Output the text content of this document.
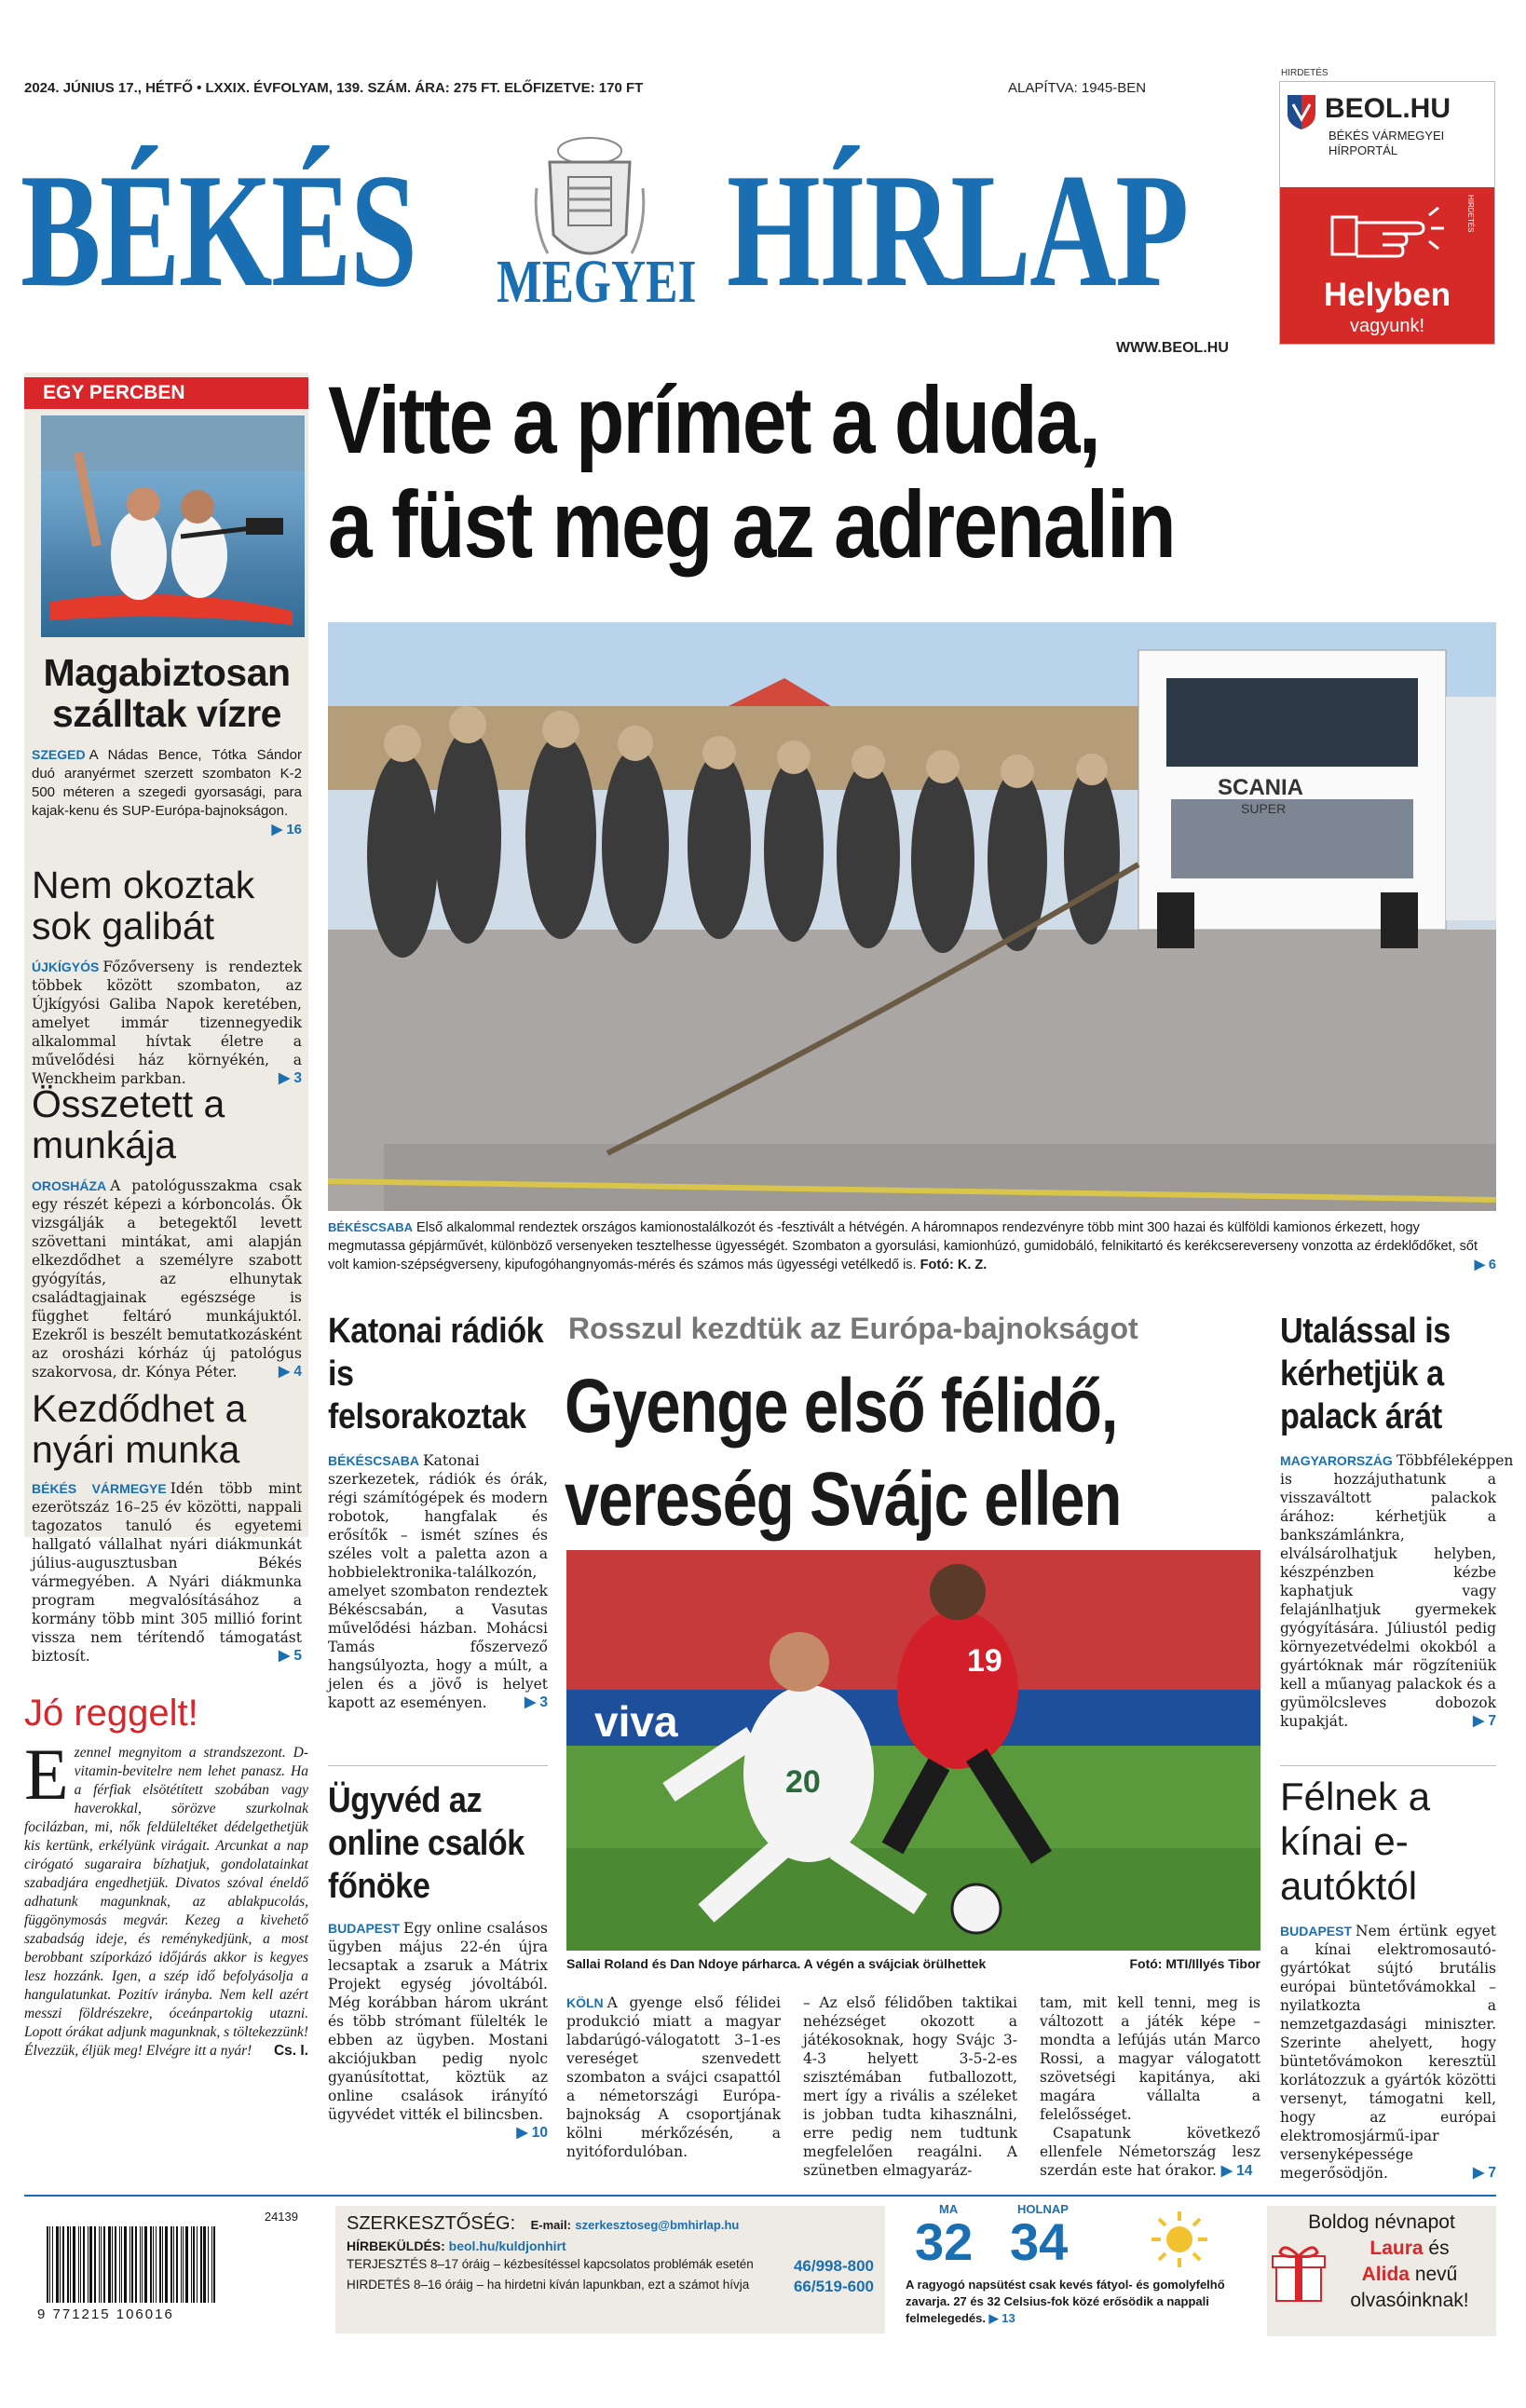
2024. JÚNIUS 17., HÉTFŐ • LXXIX. ÉVFOLYAM, 139. SZÁM. ÁRA: 275 FT. ELŐFIZETVE: 170 FT	ALAPÍTVA: 1945-BEN
BÉKÉS MEGYEI HÍRLAP
WWW.BEOL.HU
HIRDETÉS
BEOL.HU
BÉKÉS VÁRMEGYEI
HÍRPORTÁL
Helyben
vagyunk!
HIRDETÉS
EGY PERCBEN
Magabiztosan szálltak vízre
SZEGED A Nádas Bence, Tótka Sándor duó aranyérmet szerzett szombaton K-2 500 méteren a szegedi gyorsasági, para kajak-kenu és SUP-Európa-bajnokságon.
▶ 16
Nem okoztak sok galibát
ÚJKÍGYÓS Főzőverseny is rendeztek többek között szombaton, az Újkígyósi Galiba Napok keretében, amelyet immár tizennegyedik alkalommal hívtak életre a művelődési ház környékén, a Wenckheim parkban.	▶ 3
Összetett a munkája
OROSHÁZA A patológusszakma csak egy részét képezi a kórboncolás. Ők vizsgálják a betegektől levett szövettani mintákat, ami alapján elkezdődhet a személyre szabott gyógyítás, az elhunytak családtagjainak egészsége is függhet feltáró munkájuktól. Ezekről is beszélt bemutatkozásként az orosházi kórház új patológus szakorvosa, dr. Kónya Péter.	▶ 4
Kezdődhet a nyári munka
BÉKÉS VÁRMEGYE Idén több mint ezerötszáz 16–25 év közötti, nappali tagozatos tanuló és egyetemi hallgató vállalhat nyári diákmunkát július-augusztusban Békés vármegyében. A Nyári diákmunka program megvalósításához a kormány több mint 305 millió forint vissza nem térítendő támogatást biztosít.	▶ 5
Jó reggelt!
Ezennel megnyitom a strandszezont. D-vitamin-bevitelre nem lehet panasz. Ha a férfiak elsötétített szobában vagy haverokkal, sörözve szurkolnak focilázban, mi, nők feldüleltéket dédelgethetjük kis kertünk, erkélyünk virágait. Arcunkat a nap cirógató sugaraira bízhatjuk, gondolatainkat szabadjára engedhetjük. Divatos szóval éneldő adhatunk magunknak, az ablakpucolás, függönymosás megvár. Kezeg a kivehető szabadság ideje, és reménykedjünk, a most berobbant szíporkázó időjárás akkor is kegyes lesz hozzánk. Igen, a szép idő befolyásolja a hangulatunkat. Pozitív irányba. Nem kell azért messzi földrészekre, óceánpartokig utazni. Lopott órákat adjunk magunknak, s töltekezzünk! Élvezzük, éljük meg! Elvégre itt a nyár! Cs. I.
Vitte a prímet a duda,
a füst meg az adrenalin
SCANIA
SUPER
BÉKÉSCSABA Első alkalommal rendeztek országos kamionostalálkozót és -fesztivált a hétvégén. A háromnapos rendezvényre több mint 300 hazai és külföldi kamionos érkezett, hogy megmutassa gépjárművét, különböző versenyeken tesztelhesse ügyességét. Szombaton a gyorsulási, kamionhúzó, gumidobáló, felnikitartó és kerékcsereverseny vonzotta az érdeklődőket, sőt volt kamion-szépségverseny, kipufogóhangnyomás-mérés és számos más ügyességi vetélkedő is. Fotó: K. Z.	▶ 6
Katonai rádiók is felsorakoztak
BÉKÉSCSABA Katonai szerkezetek, rádiók és órák, régi számítógépek és modern robotok, hangfalak és erősítők – ismét színes és széles volt a paletta azon a hobbielektronika-találkozón, amelyet szombaton rendeztek Békéscsabán, a Vasutas művelődési házban. Mohácsi Tamás főszervező hangsúlyozta, hogy a múlt, a jelen és a jövő is helyet kapott az eseményen.	▶ 3
Ügyvéd az online csalók főnöke
BUDAPEST Egy online csalásos ügyben május 22-én újra lecsaptak a zsaruk a Mátrix Projekt egység jóvoltából. Még korábban három ukránt és több strómant fülelték le ebben az ügyben. Mostani akciójukban pedig nyolc gyanúsítottat, köztük az online csalások irányító ügyvédet vitték el bilincsben.
▶ 10
Rosszul kezdtük az Európa-bajnokságot
Gyenge első félidő,
vereség Svájc ellen
viva
20
19
Sallai Roland és Dan Ndoye párharca. A végén a svájciak örülhettek	Fotó: MTI/Illyés Tibor
KÖLN A gyenge első félidei produkció miatt a magyar labdarúgó-válogatott 3–1-es vereséget szenvedett szombaton a svájci csapattól a németországi Európa-bajnokság A csoportjának kölni mérkőzésén, a nyitófordulóban.
– Az első félidőben taktikai nehézséget okozott a játékosoknak, hogy Svájc 3-4-3 helyett 3-5-2-es szisztémában futballozott, mert így a rivális a széleket is jobban tudta kihasználni, erre pedig nem tudtunk megfelelően reagálni. A szünetben elmagyaráz-
tam, mit kell tenni, meg is változott a játék képe – mondta a lefújás után Marco Rossi, a magyar válogatott szövetségi kapitánya, aki magára vállalta a felelősséget.
Csapatunk következő ellenfele Németország lesz szerdán este hat órakor. ▶ 14
Utalással is kérhetjük a palack árát
MAGYARORSZÁG Többféleképpen is hozzájuthatunk a visszaváltott palackok árához: kérhetjük a bankszámlánkra, elválsárolhatjuk helyben, készpénzben kézbe kaphatjuk vagy felajánlhatjuk gyermekek gyógyítására. Júliustól pedig környezetvédelmi okokból a gyártóknak már rögzíteniük kell a műanyag palackok és a gyümölcsleves dobozok kupakját.	▶ 7
Félnek a kínai e-autóktól
BUDAPEST Nem értünk egyet a kínai elektromosautó-gyártókat sújtó brutális európai büntetővámokkal – nyilatkozta a nemzetgazdasági miniszter. Szerinte ahelyett, hogy büntetővámokon keresztül korlátozzuk a gyártók közötti versenyt, támogatni kell, hogy az európai elektromosjármű-ipar versenyképessége megerősödjön.	▶ 7
24139
9 771215 106016
SZERKESZTŐSÉG: E-mail: szerkesztoseg@bmhirlap.hu
HÍRBEKÜLDÉS: beol.hu/kuldjonhirt
TERJESZTÉS 8–17 óráig
– kézbesítéssel kapcsolatos problémák esetén	46/998-800
HIRDETÉS 8–16 óráig
– ha hirdetni kíván lapunkban, ezt a számot hívja	66/519-600
MA
32
HOLNAP
34
A ragyogó napsütést csak kevés fátyol- és gomolyfelhő zavarja. 27 és 32 Celsius-fok közé erősödik a nappali felmelegedés. ▶ 13
Boldog névnapot
Laura és
Alida nevű
olvasóinknak!
